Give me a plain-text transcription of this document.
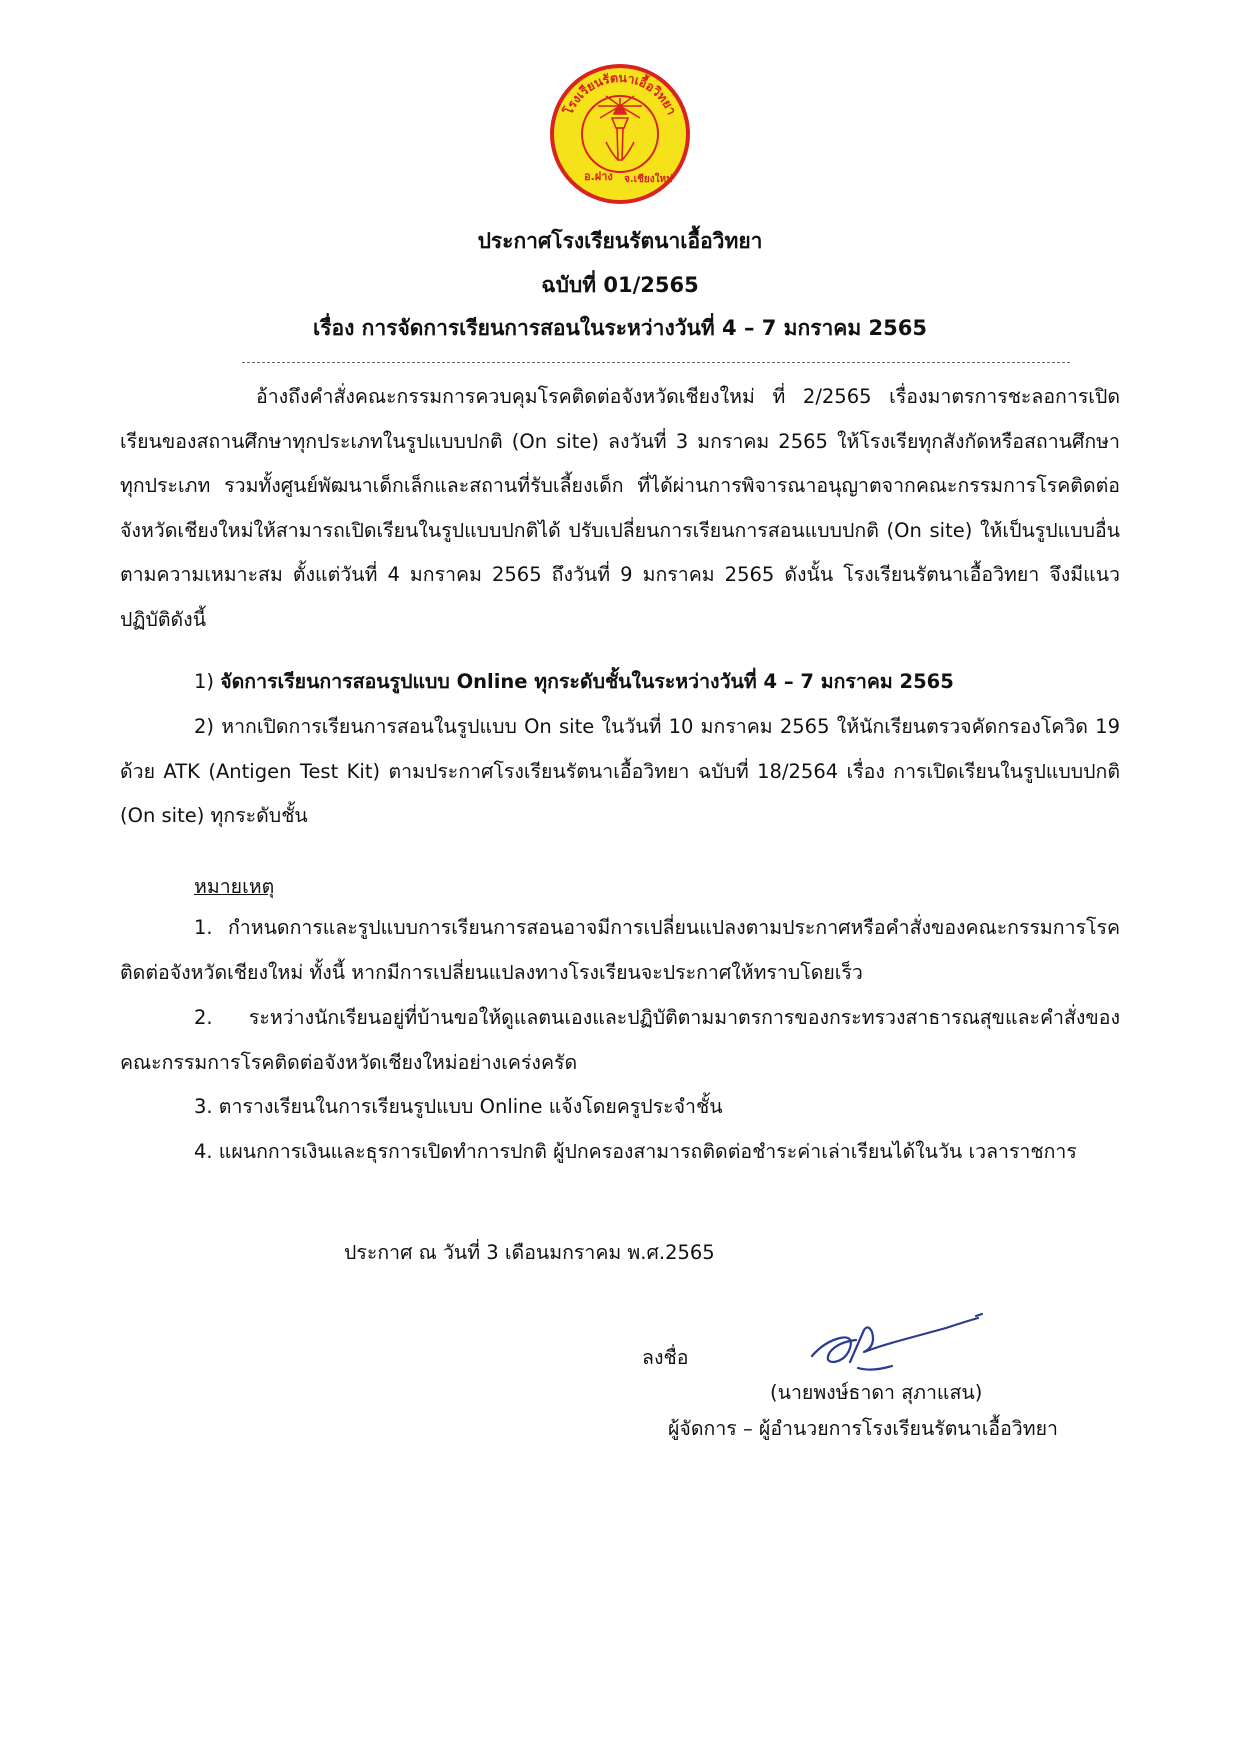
โรงเรียนรัตนาเอื้อวิทยา
อ.ฝาง จ.เชียงใหม่
ประกาศโรงเรียนรัตนาเอื้อวิทยา
ฉบับที่ 01/2565
เรื่อง การจัดการเรียนการสอนในระหว่างวันที่ 4 – 7 มกราคม 2565

อ้างถึงคำสั่งคณะกรรมการควบคุมโรคติดต่อจังหวัดเชียงใหม่ ที่ 2/2565 เรื่องมาตรการชะลอการเปิดเรียนของสถานศึกษาทุกประเภทในรูปแบบปกติ (On site) ลงวันที่ 3 มกราคม 2565 ให้โรงเรียทุกสังกัดหรือสถานศึกษาทุกประเภท รวมทั้งศูนย์พัฒนาเด็กเล็กและสถานที่รับเลี้ยงเด็ก ที่ได้ผ่านการพิจารณาอนุญาตจากคณะกรรมการโรคติดต่อจังหวัดเชียงใหม่ให้สามารถเปิดเรียนในรูปแบบปกติได้ ปรับเปลี่ยนการเรียนการสอนแบบปกติ (On site) ให้เป็นรูปแบบอื่นตามความเหมาะสม ตั้งแต่วันที่ 4 มกราคม 2565 ถึงวันที่ 9 มกราคม 2565 ดังนั้น โรงเรียนรัตนาเอื้อวิทยา จึงมีแนวปฏิบัติดังนี้

1) จัดการเรียนการสอนรูปแบบ Online ทุกระดับชั้นในระหว่างวันที่ 4 – 7 มกราคม 2565

2) หากเปิดการเรียนการสอนในรูปแบบ On site ในวันที่ 10 มกราคม 2565 ให้นักเรียนตรวจคัดกรองโควิด 19 ด้วย ATK (Antigen Test Kit) ตามประกาศโรงเรียนรัตนาเอื้อวิทยา ฉบับที่ 18/2564 เรื่อง การเปิดเรียนในรูปแบบปกติ (On site) ทุกระดับชั้น

หมายเหตุ

1. กำหนดการและรูปแบบการเรียนการสอนอาจมีการเปลี่ยนแปลงตามประกาศหรือคำสั่งของคณะกรรมการโรคติดต่อจังหวัดเชียงใหม่ ทั้งนี้ หากมีการเปลี่ยนแปลงทางโรงเรียนจะประกาศให้ทราบโดยเร็ว

2. ระหว่างนักเรียนอยู่ที่บ้านขอให้ดูแลตนเองและปฏิบัติตามมาตรการของกระทรวงสาธารณสุขและคำสั่งของคณะกรรมการโรคติดต่อจังหวัดเชียงใหม่อย่างเคร่งครัด

3. ตารางเรียนในการเรียนรูปแบบ Online แจ้งโดยครูประจำชั้น

4. แผนกการเงินและธุรการเปิดทำการปกติ ผู้ปกครองสามารถติดต่อชำระค่าเล่าเรียนได้ในวัน เวลาราชการ

ประกาศ ณ วันที่ 3 เดือนมกราคม พ.ศ.2565
ลงชื่อ
(นายพงษ์ธาดา สุภาแสน)
ผู้จัดการ – ผู้อำนวยการโรงเรียนรัตนาเอื้อวิทยา
